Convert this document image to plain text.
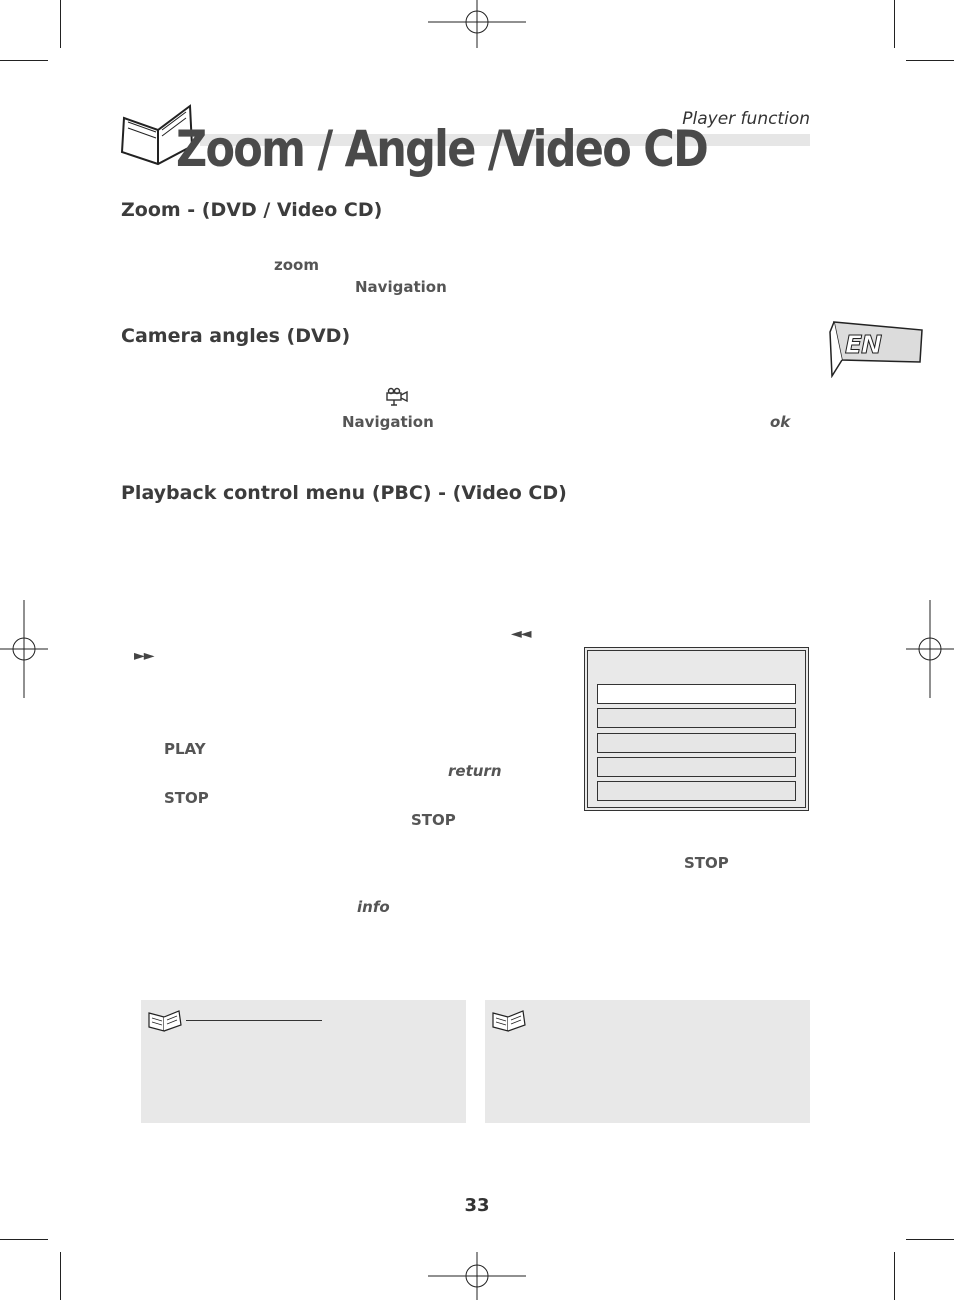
Player function
Zoom / Angle /Video CD
EN
Zoom - (DVD / Video CD)
zoom
Navigation
Camera angles (DVD)
Navigation	ok
Playback control menu (PBC) - (Video CD)
◄◄
►►
PLAY
return
STOP
STOP
STOP
info
33
